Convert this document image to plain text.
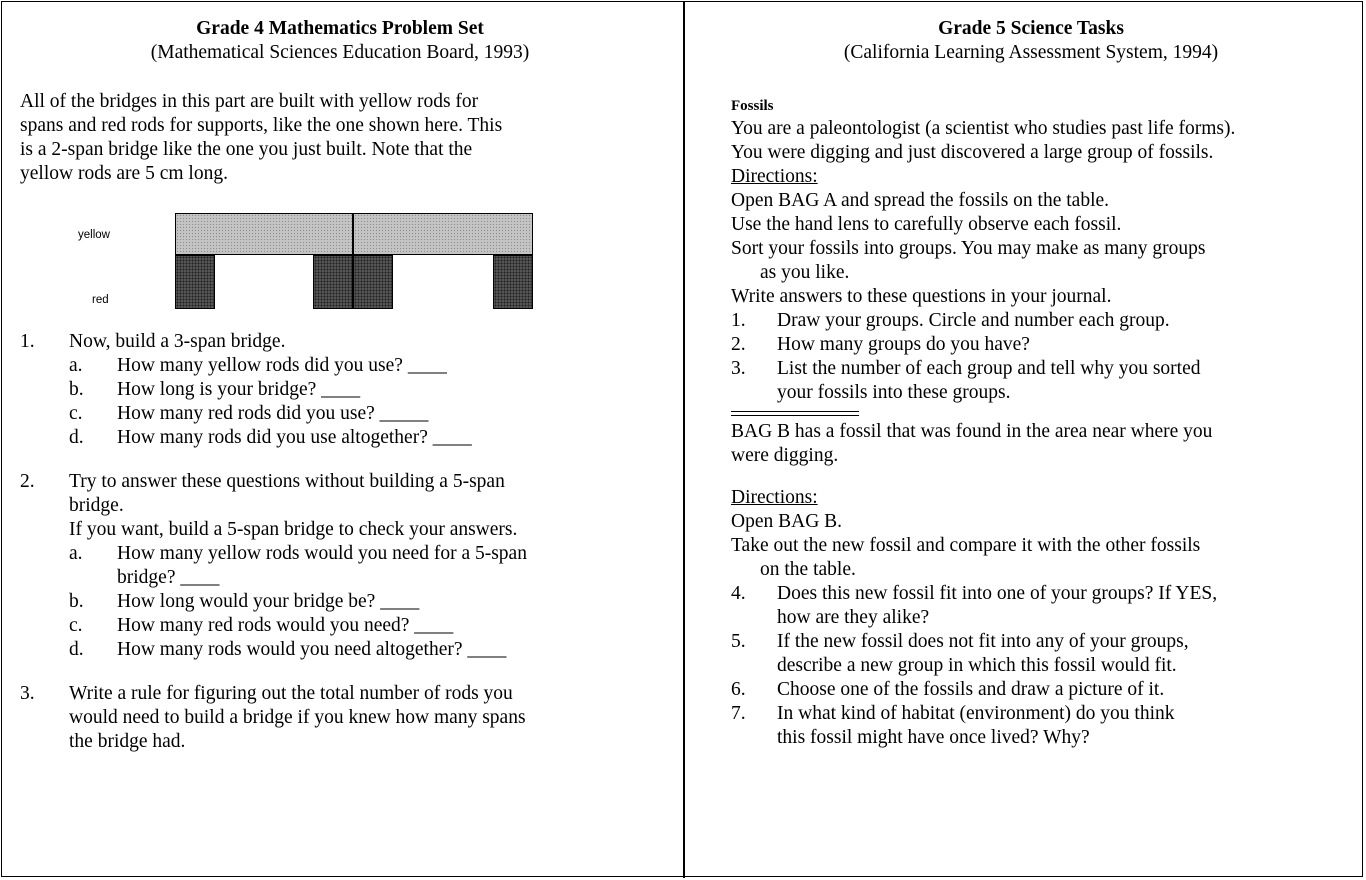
Grade 4 Mathematics Problem Set
(Mathematical Sciences Education Board, 1993)
All of the bridges in this part are built with yellow rods for
spans and red rods for supports, like the one shown here. This
is a 2-span bridge like the one you just built. Note that the
yellow rods are 5 cm long.
yellow
red
1. Now, build a 3-span bridge.
a. How many yellow rods did you use? ____
b. How long is your bridge? ____
c. How many red rods did you use? _____
d. How many rods did you use altogether? ____
2. Try to answer these questions without building a 5-span
bridge.
If you want, build a 5-span bridge to check your answers.
a. How many yellow rods would you need for a 5-span
bridge? ____
b. How long would your bridge be? ____
c. How many red rods would you need? ____
d. How many rods would you need altogether? ____
3. Write a rule for figuring out the total number of rods you
would need to build a bridge if you knew how many spans
the bridge had.
Grade 5 Science Tasks
(California Learning Assessment System, 1994)
Fossils
You are a paleontologist (a scientist who studies past life forms).
You were digging and just discovered a large group of fossils.
Directions:
Open BAG A and spread the fossils on the table.
Use the hand lens to carefully observe each fossil.
Sort your fossils into groups. You may make as many groups
as you like.
Write answers to these questions in your journal.
1. Draw your groups. Circle and number each group.
2. How many groups do you have?
3. List the number of each group and tell why you sorted
your fossils into these groups.
BAG B has a fossil that was found in the area near where you
were digging.
Directions:
Open BAG B.
Take out the new fossil and compare it with the other fossils
on the table.
4. Does this new fossil fit into one of your groups? If YES,
how are they alike?
5. If the new fossil does not fit into any of your groups,
describe a new group in which this fossil would fit.
6. Choose one of the fossils and draw a picture of it.
7. In what kind of habitat (environment) do you think
this fossil might have once lived? Why?
